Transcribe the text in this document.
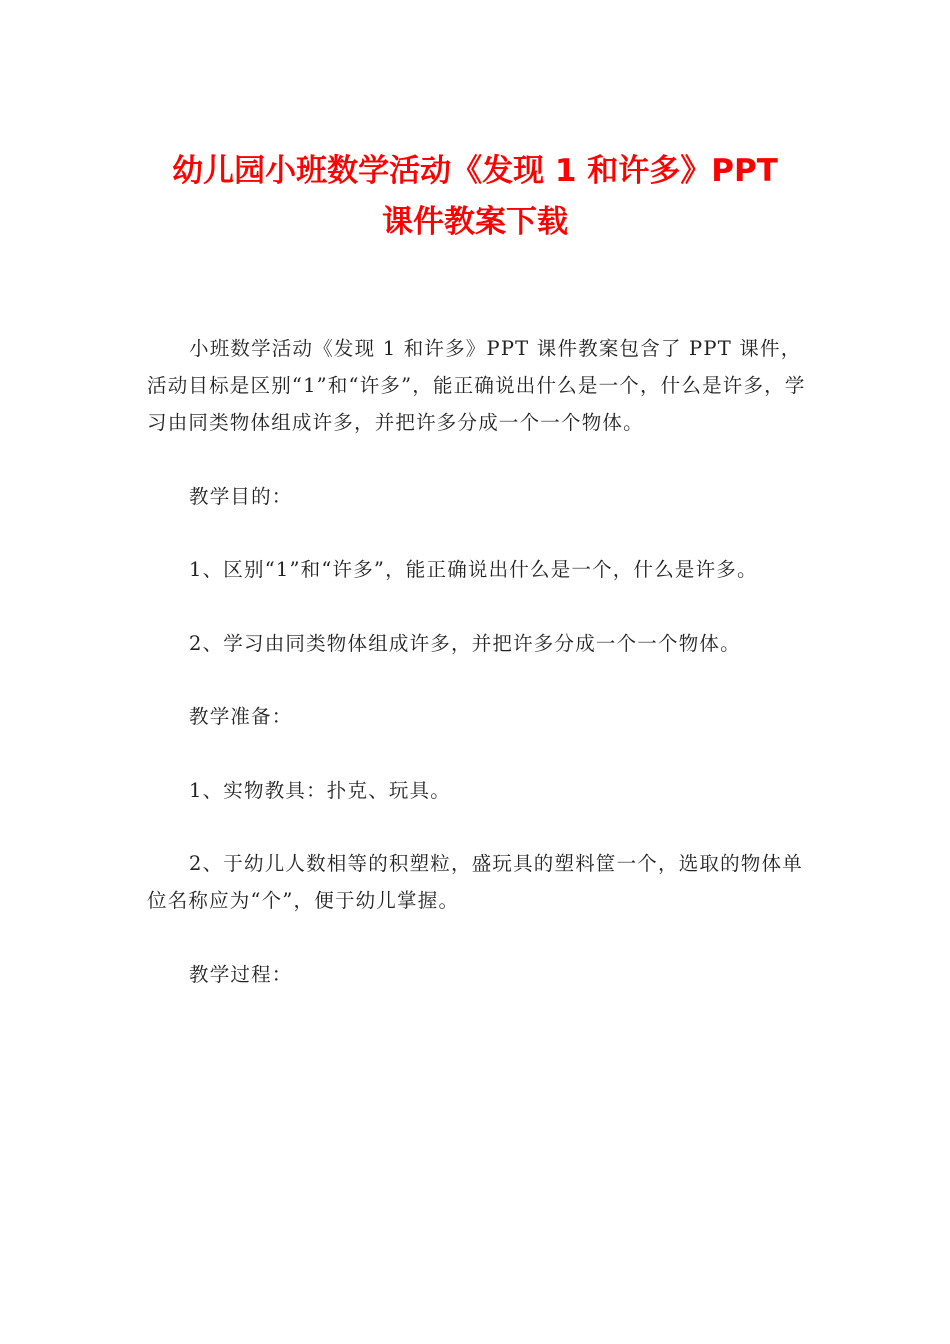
幼儿园小班数学活动《发现 1 和许多》PPT
课件教案下载

小班数学活动《发现 1 和许多》PPT 课件教案包含了 PPT 课件，活动目标是区别“1”和“许多”，能正确说出什么是一个，什么是许多，学习由同类物体组成许多，并把许多分成一个一个物体。

教学目的：

1、区别“1”和“许多”，能正确说出什么是一个，什么是许多。

2、学习由同类物体组成许多，并把许多分成一个一个物体。

教学准备：

1、实物教具：扑克、玩具。

2、于幼儿人数相等的积塑粒，盛玩具的塑料筐一个，选取的物体单位名称应为“个”，便于幼儿掌握。

教学过程：
